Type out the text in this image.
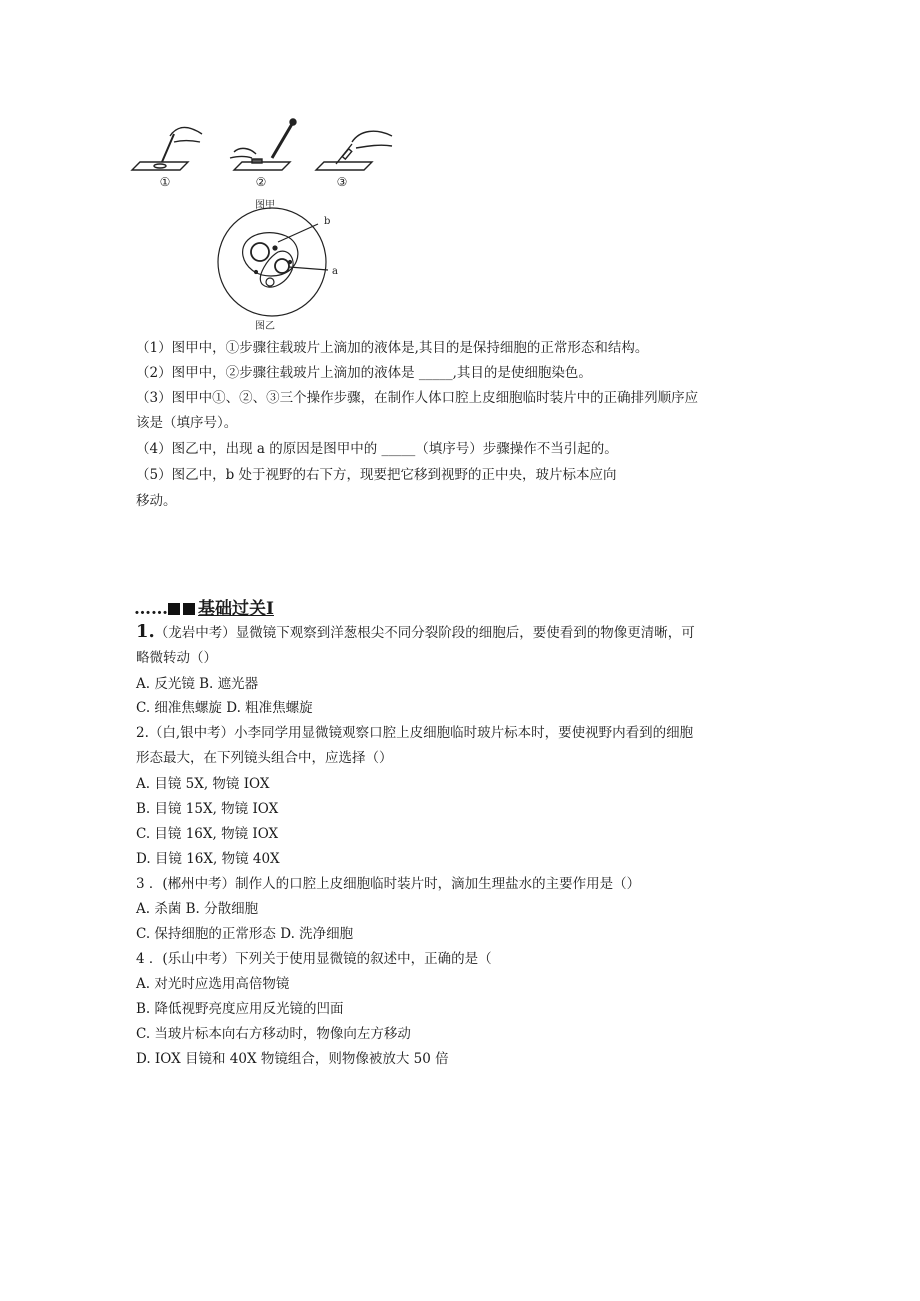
①	②	③
图甲
b
a
图乙
（1）图甲中，①步骤往载玻片上滴加的液体是,其目的是保持细胞的正常形态和结构。
（2）图甲中，②步骤往载玻片上滴加的液体是 _____,其目的是使细胞染色。
（3）图甲中①、②、③三个操作步骤，在制作人体口腔上皮细胞临时装片中的正确排列顺序应
该是（填序号）。
（4）图乙中，出现 a 的原因是图甲中的 _____（填序号）步骤操作不当引起的。
（5）图乙中，b 处于视野的右下方，现要把它移到视野的正中央，玻片标本应向
移动。
…… 基础过关I
1.（龙岩中考）显微镜下观察到洋葱根尖不同分裂阶段的细胞后，要使看到的物像更清晰，可
略微转动（）
A. 反光镜 B. 遮光器
C. 细准焦螺旋 D. 粗准焦螺旋
2.（白,银中考）小李同学用显微镜观察口腔上皮细胞临时玻片标本时，要使视野内看到的细胞
形态最大，在下列镜头组合中，应选择（）
A. 目镜 5X, 物镜 IOX
B. 目镜 15X, 物镜 IOX
C. 目镜 16X, 物镜 IOX
D. 目镜 16X, 物镜 40X
3 ．(郴州中考）制作人的口腔上皮细胞临时装片时，滴加生理盐水的主要作用是（）
A. 杀菌 B. 分散细胞
C. 保持细胞的正常形态 D. 洗净细胞
4 ．(乐山中考）下列关于使用显微镜的叙述中，正确的是（
A. 对光时应选用高倍物镜
B. 降低视野亮度应用反光镜的凹面
C. 当玻片标本向右方移动时，物像向左方移动
D. IOX 目镜和 40X 物镜组合，则物像被放大 50 倍
